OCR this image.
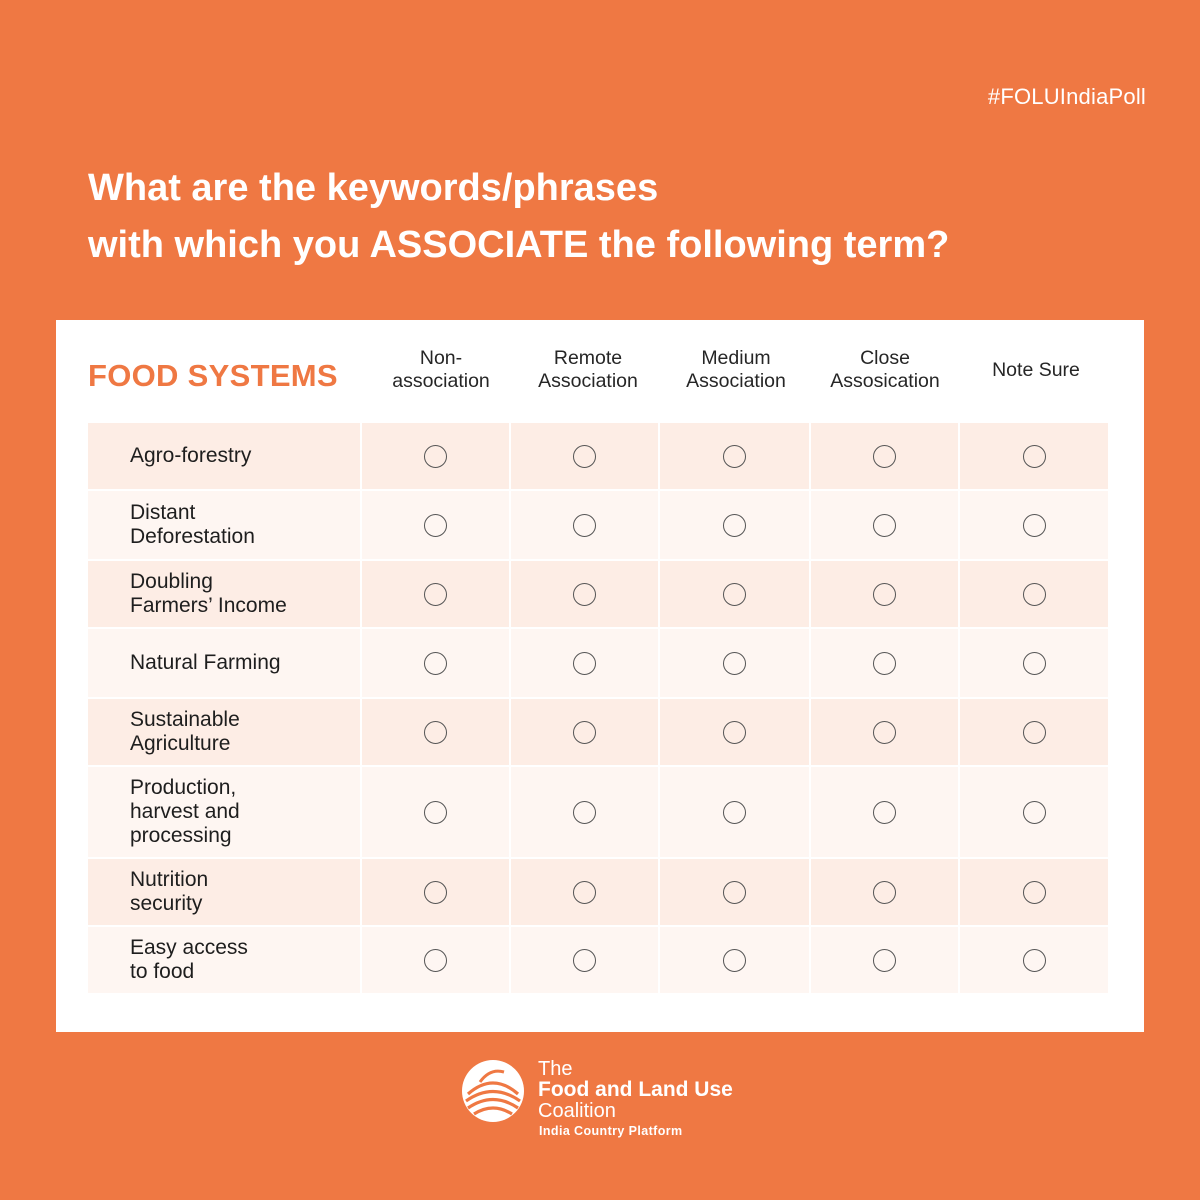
#FOLUIndiaPoll
What are the keywords/phrases
with which you ASSOCIATE the following term?
FOOD SYSTEMS	Non-
association
Remote
Association
Medium
Association
Close
Assosication
Note Sure
Agro-forestry
Distant
Deforestation
Doubling
Farmers’ Income
Natural Farming
Sustainable
Agriculture
Production,
harvest and
processing
Nutrition
security
Easy access
to food
The
Food and Land Use
Coalition
India Country Platform
